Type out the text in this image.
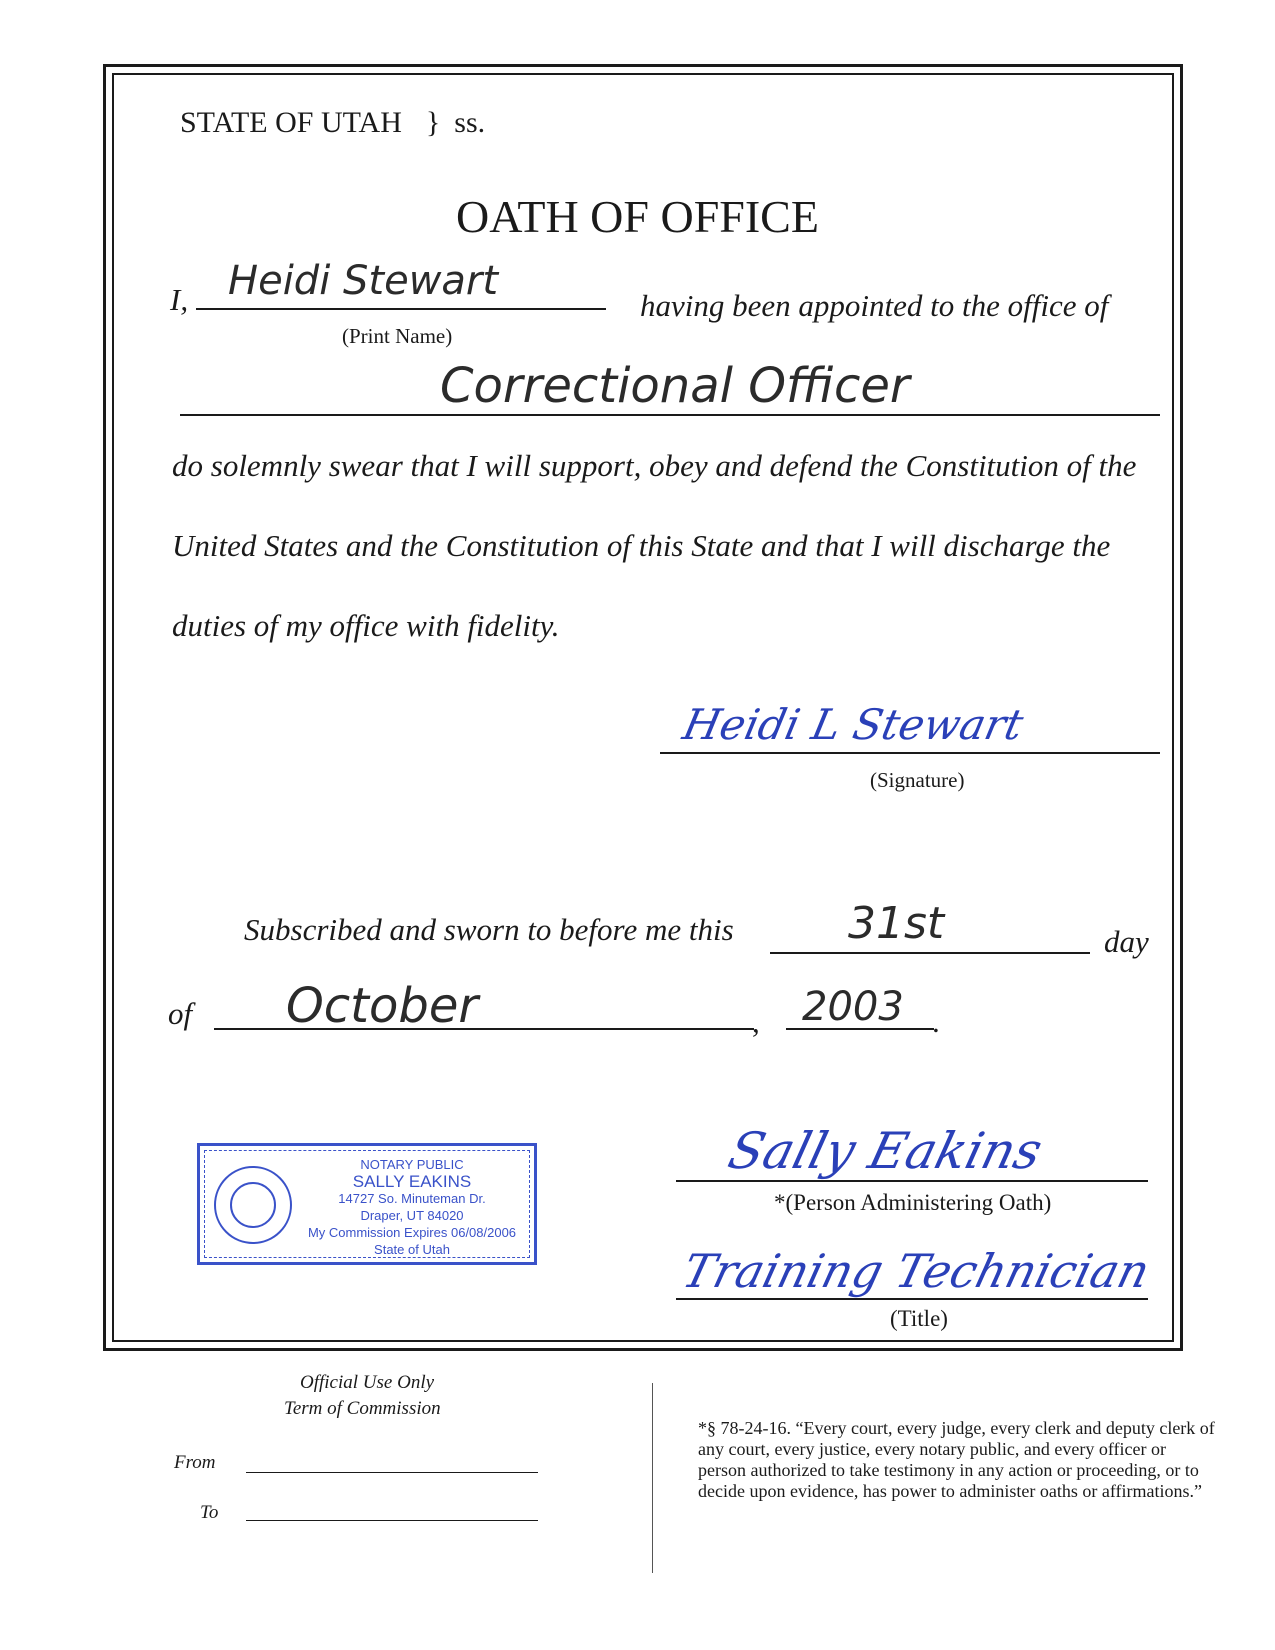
STATE OF UTAH } ss.
OATH OF OFFICE
I, Heidi Stewart
(Print Name)
having been appointed to the office of
Correctional Officer
do solemnly swear that I will support, obey and defend the Constitution of the
United States and the Constitution of this State and that I will discharge the
duties of my office with fidelity.
Heidi L Stewart
(Signature)
Subscribed and sworn to before me this	31st	day
of October	, 2003 .
NOTARY PUBLIC
SALLY EAKINS
14727 So. Minuteman Dr.
Draper, UT 84020
My Commission Expires 06/08/2006
State of Utah
Sally Eakins
*(Person Administering Oath)
Training Technician
(Title)
Official Use Only
Term of Commission
From
To
*§ 78-24-16. “Every court, every judge, every clerk and deputy clerk of any court, every justice, every notary public, and every officer or person authorized to take testimony in any action or proceeding, or to decide upon evidence, has power to administer oaths or affirmations.”
